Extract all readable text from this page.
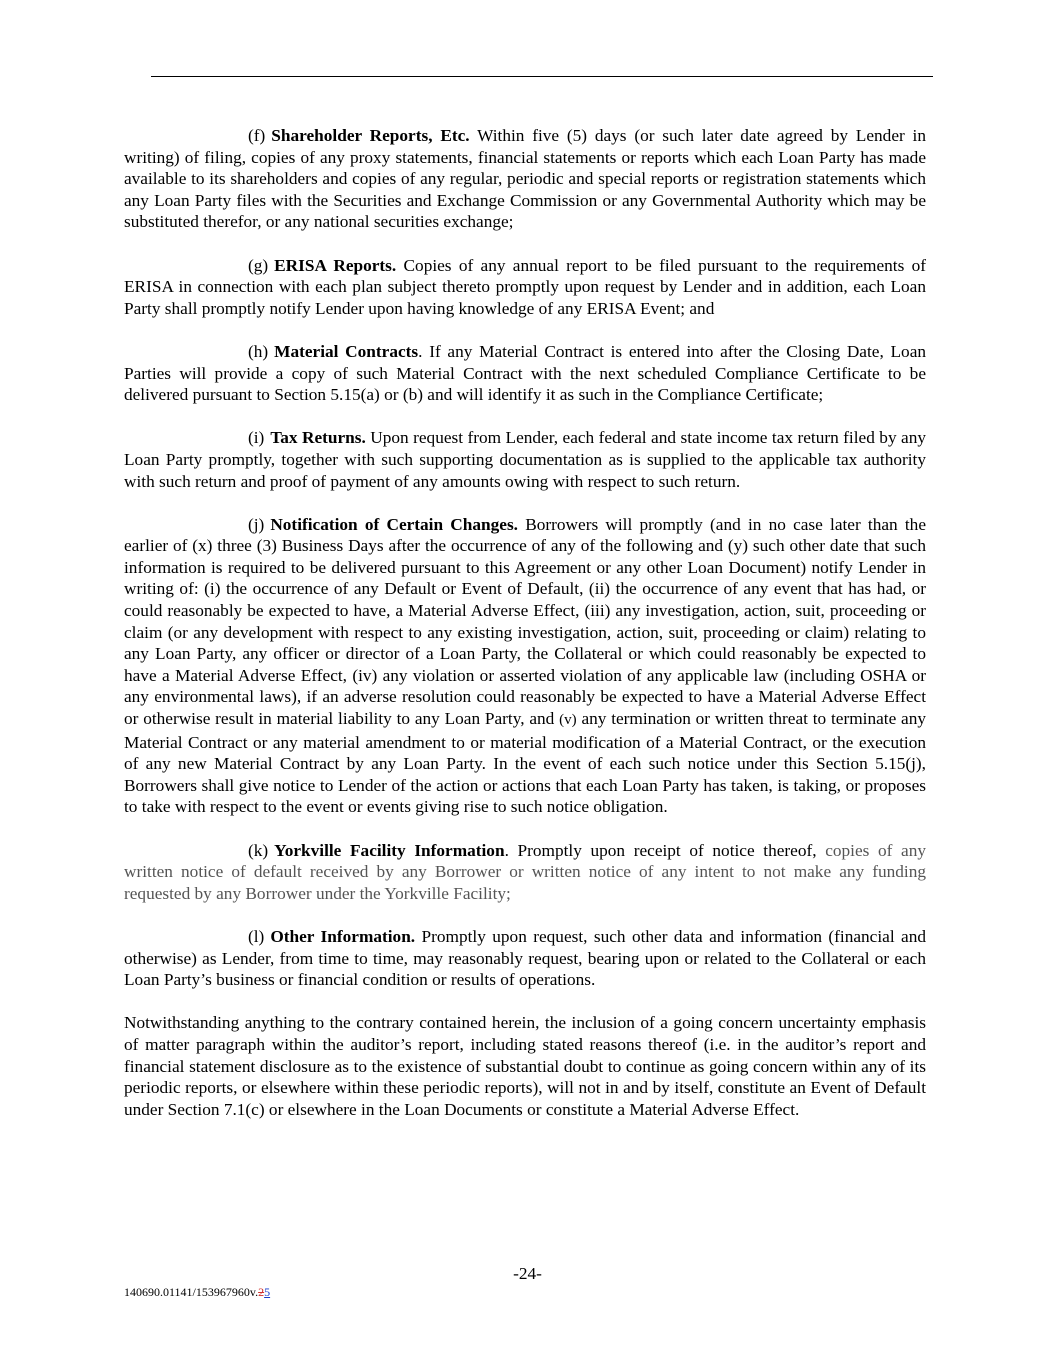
(f) Shareholder Reports, Etc. Within five (5) days (or such later date agreed by Lender in writing) of filing, copies of any proxy statements, financial statements or reports which each Loan Party has made available to its shareholders and copies of any regular, periodic and special reports or registration statements which any Loan Party files with the Securities and Exchange Commission or any Governmental Authority which may be substituted therefor, or any national securities exchange;

(g) ERISA Reports. Copies of any annual report to be filed pursuant to the requirements of ERISA in connection with each plan subject thereto promptly upon request by Lender and in addition, each Loan Party shall promptly notify Lender upon having knowledge of any ERISA Event; and

(h) Material Contracts. If any Material Contract is entered into after the Closing Date, Loan Parties will provide a copy of such Material Contract with the next scheduled Compliance Certificate to be delivered pursuant to Section 5.15(a) or (b) and will identify it as such in the Compliance Certificate;

(i) Tax Returns. Upon request from Lender, each federal and state income tax return filed by any Loan Party promptly, together with such supporting documentation as is supplied to the applicable tax authority with such return and proof of payment of any amounts owing with respect to such return.

(j) Notification of Certain Changes. Borrowers will promptly (and in no case later than the earlier of (x) three (3) Business Days after the occurrence of any of the following and (y) such other date that such information is required to be delivered pursuant to this Agreement or any other Loan Document) notify Lender in writing of: (i) the occurrence of any Default or Event of Default, (ii) the occurrence of any event that has had, or could reasonably be expected to have, a Material Adverse Effect, (iii) any investigation, action, suit, proceeding or claim (or any development with respect to any existing investigation, action, suit, proceeding or claim) relating to any Loan Party, any officer or director of a Loan Party, the Collateral or which could reasonably be expected to have a Material Adverse Effect, (iv) any violation or asserted violation of any applicable law (including OSHA or any environmental laws), if an adverse resolution could reasonably be expected to have a Material Adverse Effect or otherwise result in material liability to any Loan Party, and (v) any termination or written threat to terminate any Material Contract or any material amendment to or material modification of a Material Contract, or the execution of any new Material Contract by any Loan Party. In the event of each such notice under this Section 5.15(j), Borrowers shall give notice to Lender of the action or actions that each Loan Party has taken, is taking, or proposes to take with respect to the event or events giving rise to such notice obligation.

(k) Yorkville Facility Information. Promptly upon receipt of notice thereof, copies of any written notice of default received by any Borrower or written notice of any intent to not make any funding requested by any Borrower under the Yorkville Facility;

(l) Other Information. Promptly upon request, such other data and information (financial and otherwise) as Lender, from time to time, may reasonably request, bearing upon or related to the Collateral or each Loan Party’s business or financial condition or results of operations.

Notwithstanding anything to the contrary contained herein, the inclusion of a going concern uncertainty emphasis of matter paragraph within the auditor’s report, including stated reasons thereof (i.e. in the auditor’s report and financial statement disclosure as to the existence of substantial doubt to continue as going concern within any of its periodic reports, or elsewhere within these periodic reports), will not in and by itself, constitute an Event of Default under Section 7.1(c) or elsewhere in the Loan Documents or constitute a Material Adverse Effect.

-24-
140690.01141/153967960v.25
